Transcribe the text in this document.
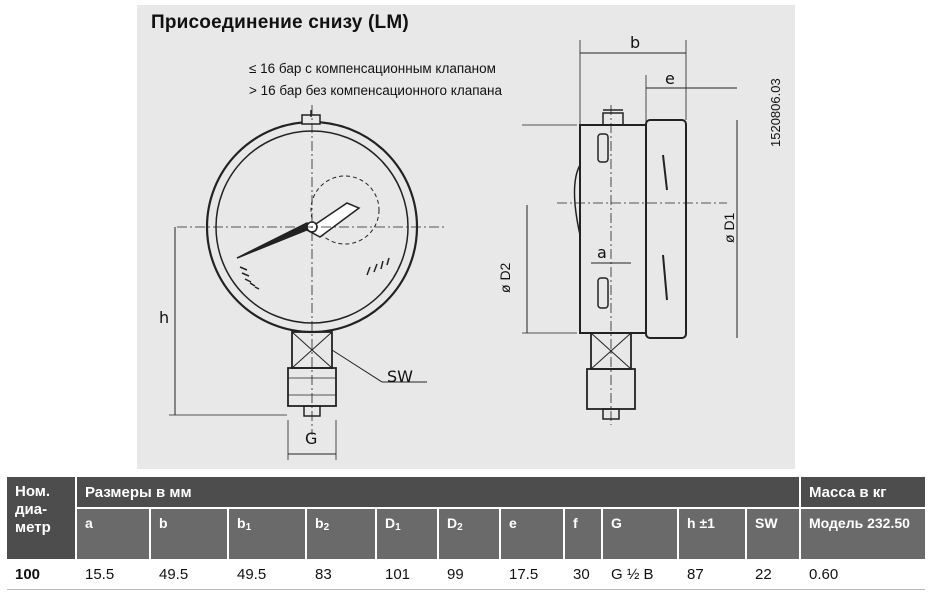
Присоединение снизу (LM)
≤ 16 бар с компенсационным клапаном
> 16 бар без компенсационного клапана
h
SW
G
b
e
a
ø D1
ø D2
1520806.03
Ном. диа-метр	Размеры в мм											Масса в кг
	a	b	$b_1$	$b_2$	$D_1$	$D_2$	e	f	G	h ±1	SW	Модель 232.50
100	15.5	49.5	49.5	83	101	99	17.5	30	G ½ B	87	22	0.60
